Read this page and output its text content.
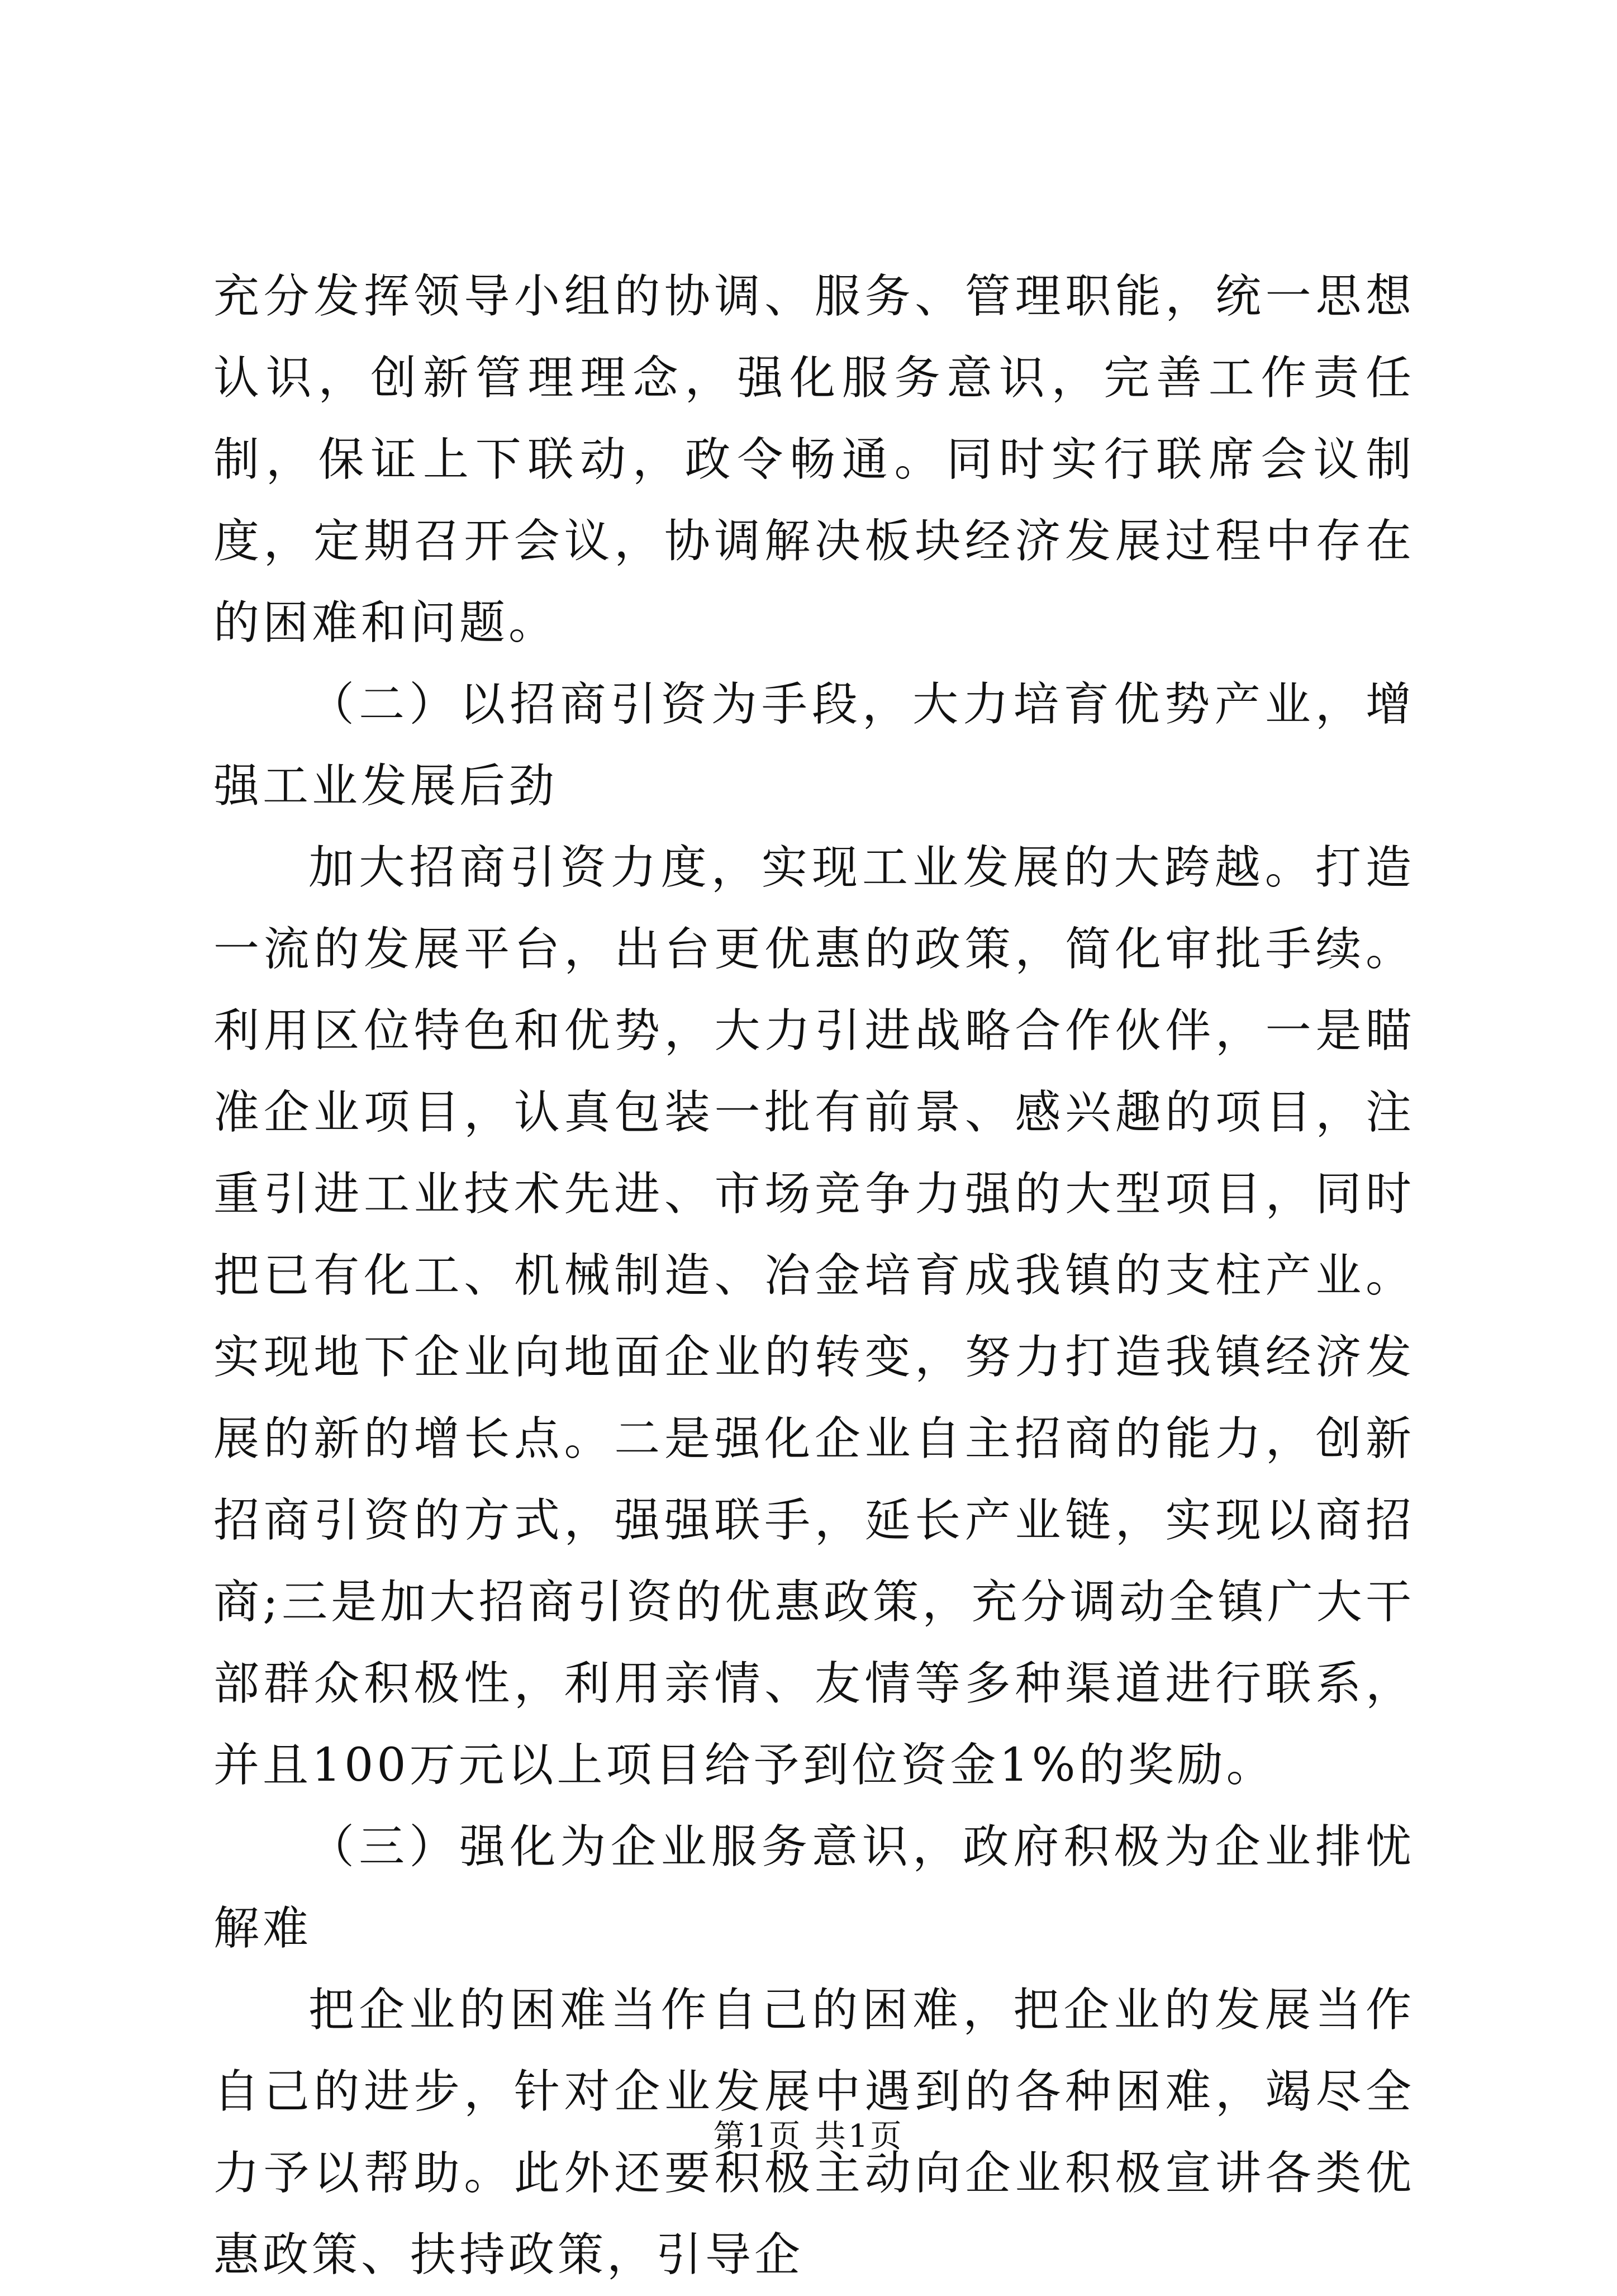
充分发挥领导小组的协调、服务、管理职能，统一思想认识，创新管理理念，强化服务意识，完善工作责任制，保证上下联动，政令畅通。同时实行联席会议制度，定期召开会议，协调解决板块经济发展过程中存在的困难和问题。

（二）以招商引资为手段，大力培育优势产业，增强工业发展后劲

加大招商引资力度，实现工业发展的大跨越。打造一流的发展平台，出台更优惠的政策，简化审批手续。利用区位特色和优势，大力引进战略合作伙伴，一是瞄准企业项目，认真包装一批有前景、感兴趣的项目，注重引进工业技术先进、市场竞争力强的大型项目，同时把已有化工、机械制造、冶金培育成我镇的支柱产业。实现地下企业向地面企业的转变，努力打造我镇经济发展的新的增长点。二是强化企业自主招商的能力，创新招商引资的方式，强强联手，延长产业链，实现以商招商;三是加大招商引资的优惠政策，充分调动全镇广大干部群众积极性，利用亲情、友情等多种渠道进行联系，并且100万元以上项目给予到位资金1%的奖励。

（三）强化为企业服务意识，政府积极为企业排忧解难

把企业的困难当作自己的困难，把企业的发展当作自己的进步，针对企业发展中遇到的各种困难，竭尽全力予以帮助。此外还要积极主动向企业积极宣讲各类优惠政策、扶持政策，引导企

第1页 共1页
